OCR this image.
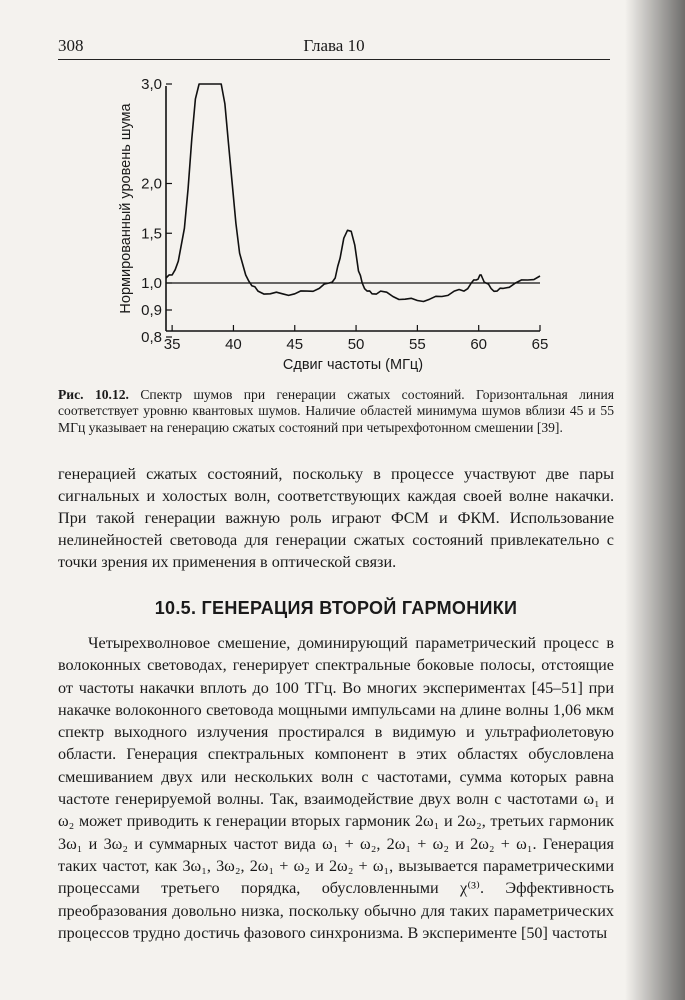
308	Глава 10
0,8
0,9
1,0
1,5
2,0
3,0
35	40	45	50	55	60	65
Сдвиг частоты (МГц)
Нормированный уровень шума
Рис. 10.12. Спектр шумов при генерации сжатых состояний. Горизонтальная линия соответствует уровню квантовых шумов. Наличие областей минимума шумов вблизи 45 и 55 МГц указывает на генерацию сжатых состояний при четырехфотонном смешении [39].
генерацией сжатых состояний, поскольку в процессе участвуют две пары сигнальных и холостых волн, соответствующих каждая своей волне накачки. При такой генерации важную роль играют ФСМ и ФКМ. Использование нелинейностей световода для генерации сжатых состояний привлекательно с точки зрения их применения в оптической связи.
10.5. ГЕНЕРАЦИЯ ВТОРОЙ ГАРМОНИКИ
Четырехволновое смешение, доминирующий параметрический процесс в волоконных световодах, генерирует спектральные боковые полосы, отстоящие от частоты накачки вплоть до 100 ТГц. Во многих экспериментах [45–51] при накачке волоконного световода мощными импульсами на длине волны 1,06 мкм спектр выходного излучения простирался в видимую и ультрафиолетовую области. Генерация спектральных компонент в этих областях обусловлена смешиванием двух или нескольких волн с частотами, сумма которых равна частоте генерируемой волны. Так, взаимодействие двух волн с частотами ω₁ и ω₂ может приводить к генерации вторых гармоник 2ω₁ и 2ω₂, третьих гармоник 3ω₁ и 3ω₂ и суммарных частот вида ω₁ + ω₂, 2ω₁ + ω₂ и 2ω₂ + ω₁. Генерация таких частот, как 3ω₁, 3ω₂, 2ω₁ + ω₂ и 2ω₂ + ω₁, вызывается параметрическими процессами третьего порядка, обусловленными χ⁽³⁾. Эффективность преобразования довольно низка, поскольку обычно для таких параметрических процессов трудно достичь фазового синхронизма. В эксперименте [50] частоты
